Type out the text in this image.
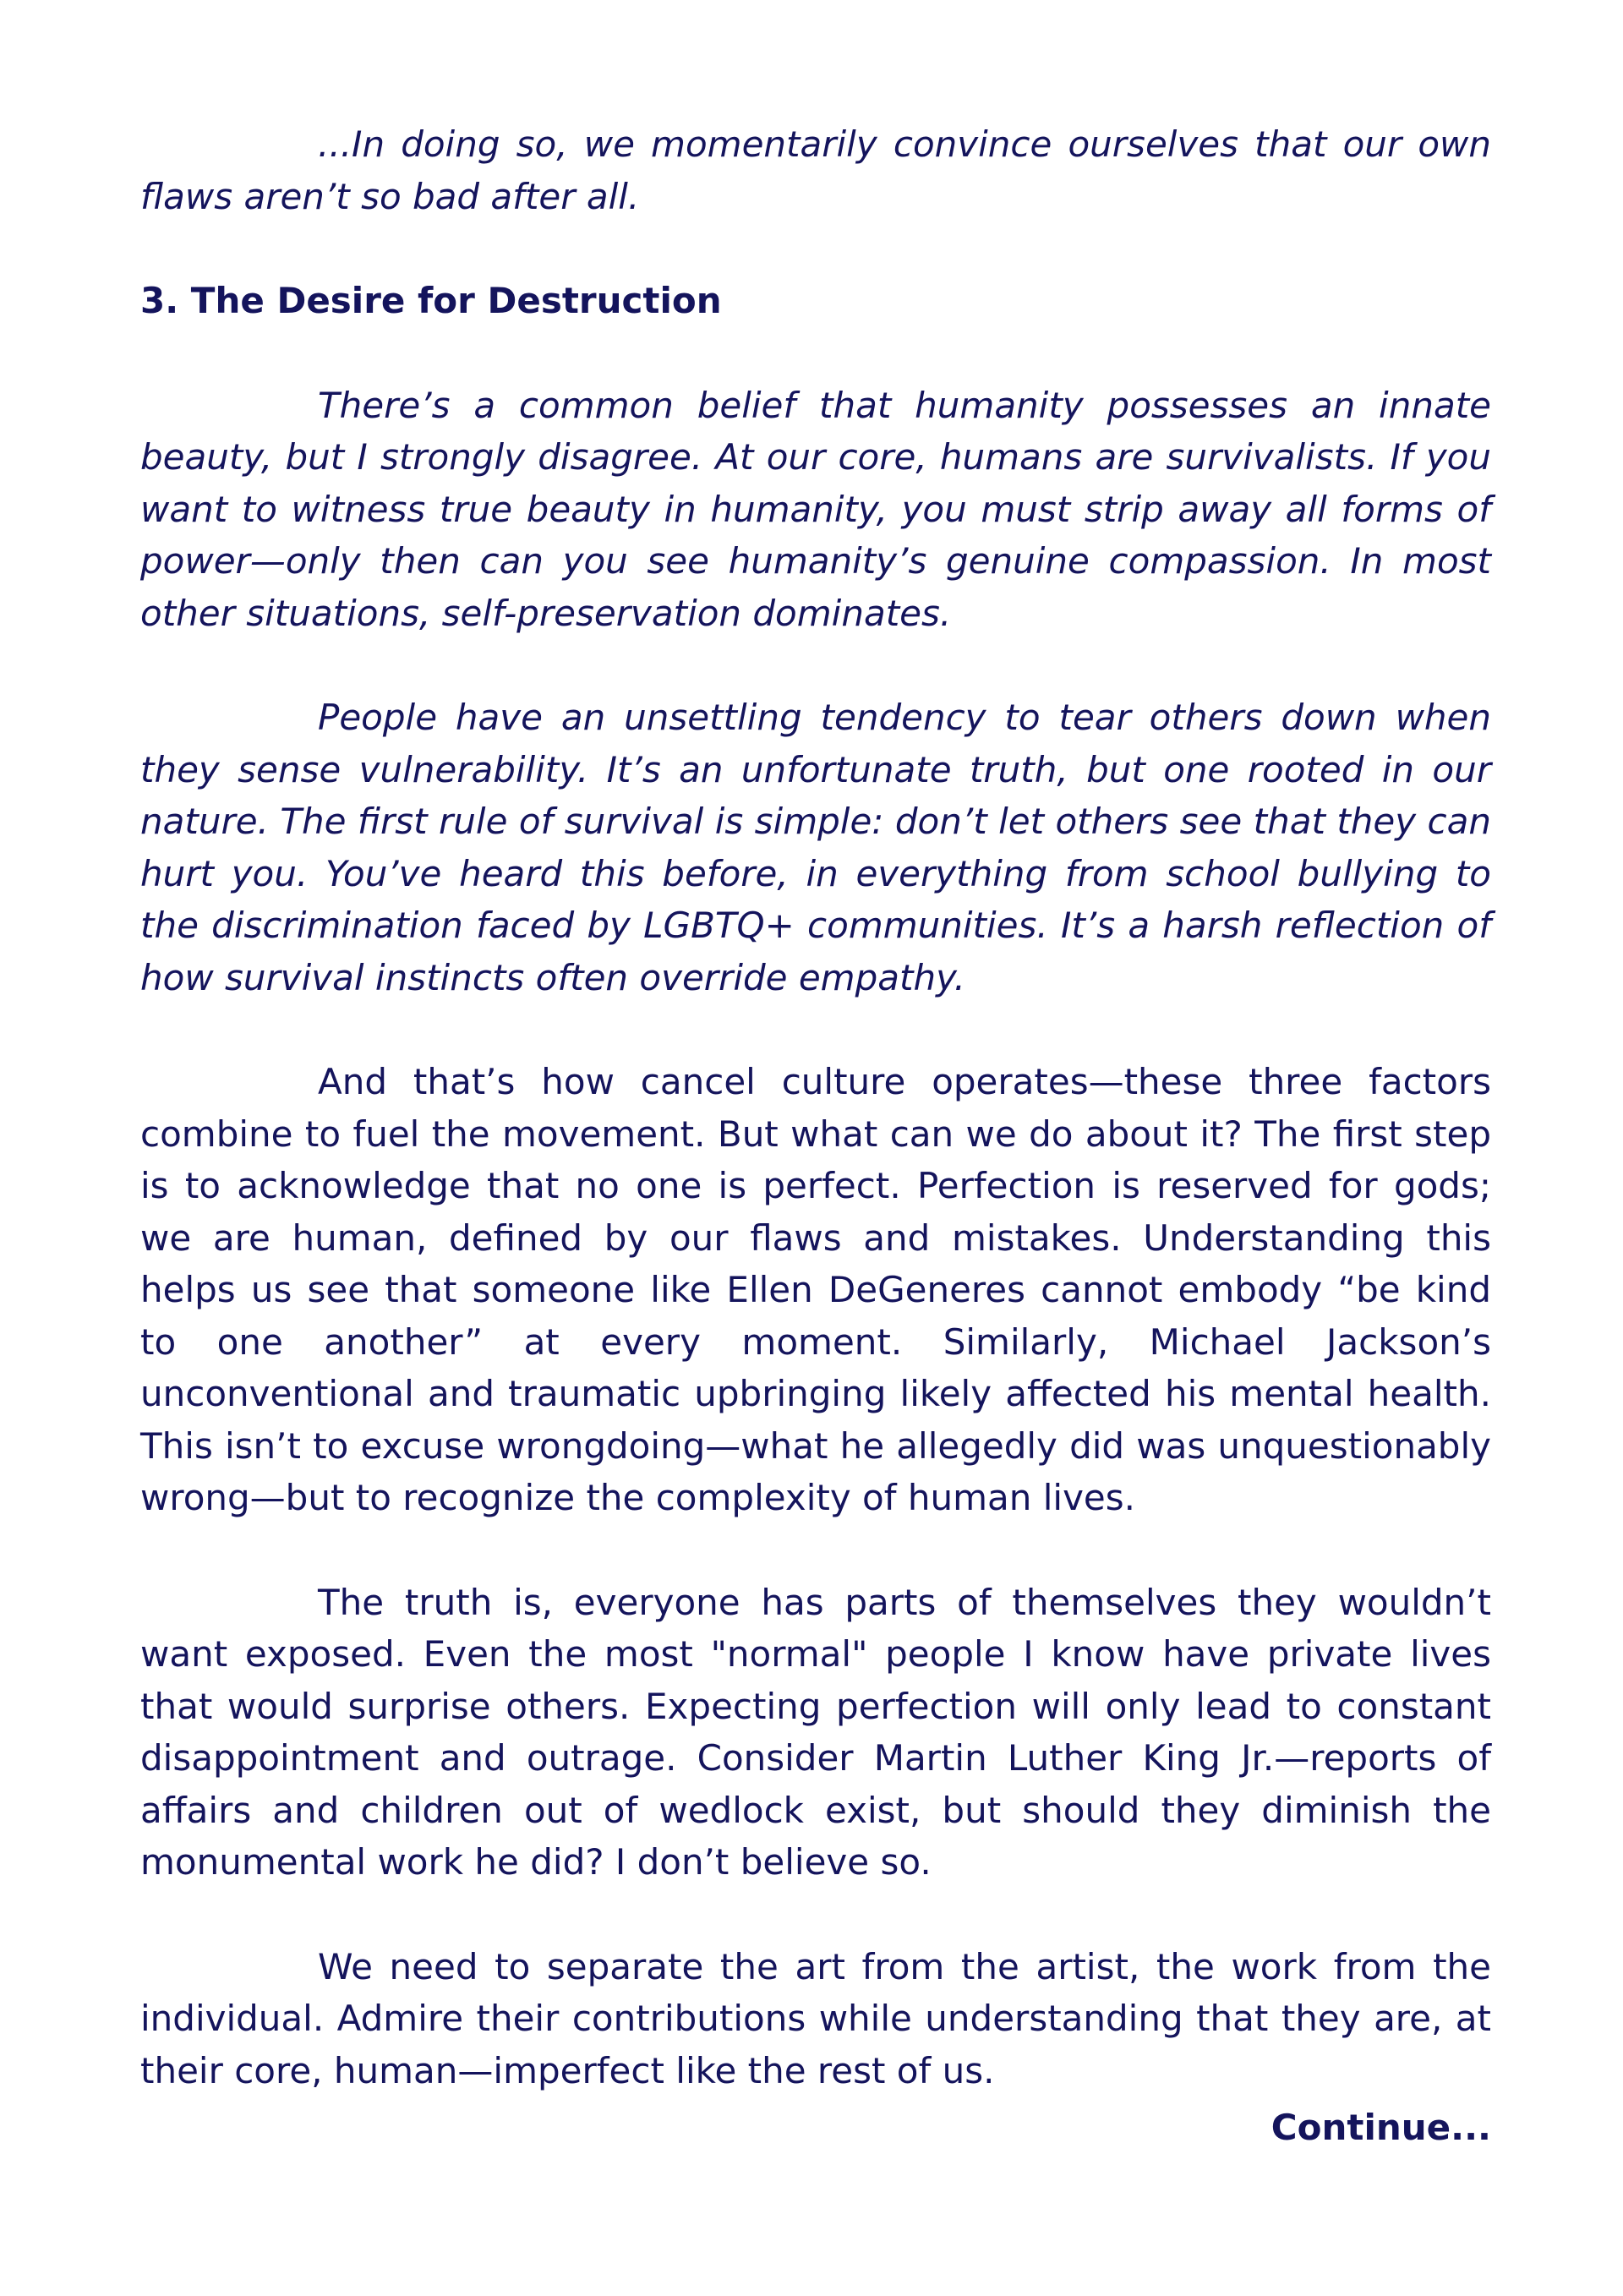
...In doing so, we momentarily convince ourselves that our own flaws aren’t so bad after all.

3. The Desire for Destruction

There’s a common belief that humanity possesses an innate beauty, but I strongly disagree. At our core, humans are survivalists. If you want to witness true beauty in humanity, you must strip away all forms of power—only then can you see humanity’s genuine compassion. In most other situations, self-preservation dominates.

People have an unsettling tendency to tear others down when they sense vulnerability. It’s an unfortunate truth, but one rooted in our nature. The first rule of survival is simple: don’t let others see that they can hurt you. You’ve heard this before, in everything from school bullying to the discrimination faced by LGBTQ+ communities. It’s a harsh reflection of how survival instincts often override empathy.

And that’s how cancel culture operates—these three factors combine to fuel the movement. But what can we do about it? The first step is to acknowledge that no one is perfect. Perfection is reserved for gods; we are human, defined by our flaws and mistakes. Understanding this helps us see that someone like Ellen DeGeneres cannot embody “be kind to one another” at every moment. Similarly, Michael Jackson’s unconventional and traumatic upbringing likely affected his mental health. This isn’t to excuse wrongdoing—what he allegedly did was unquestionably wrong—but to recognize the complexity of human lives.

The truth is, everyone has parts of themselves they wouldn’t want exposed. Even the most "normal" people I know have private lives that would surprise others. Expecting perfection will only lead to constant disappointment and outrage. Consider Martin Luther King Jr.—reports of affairs and children out of wedlock exist, but should they diminish the monumental work he did? I don’t believe so.

We need to separate the art from the artist, the work from the individual. Admire their contributions while understanding that they are, at their core, human—imperfect like the rest of us.

Continue...
